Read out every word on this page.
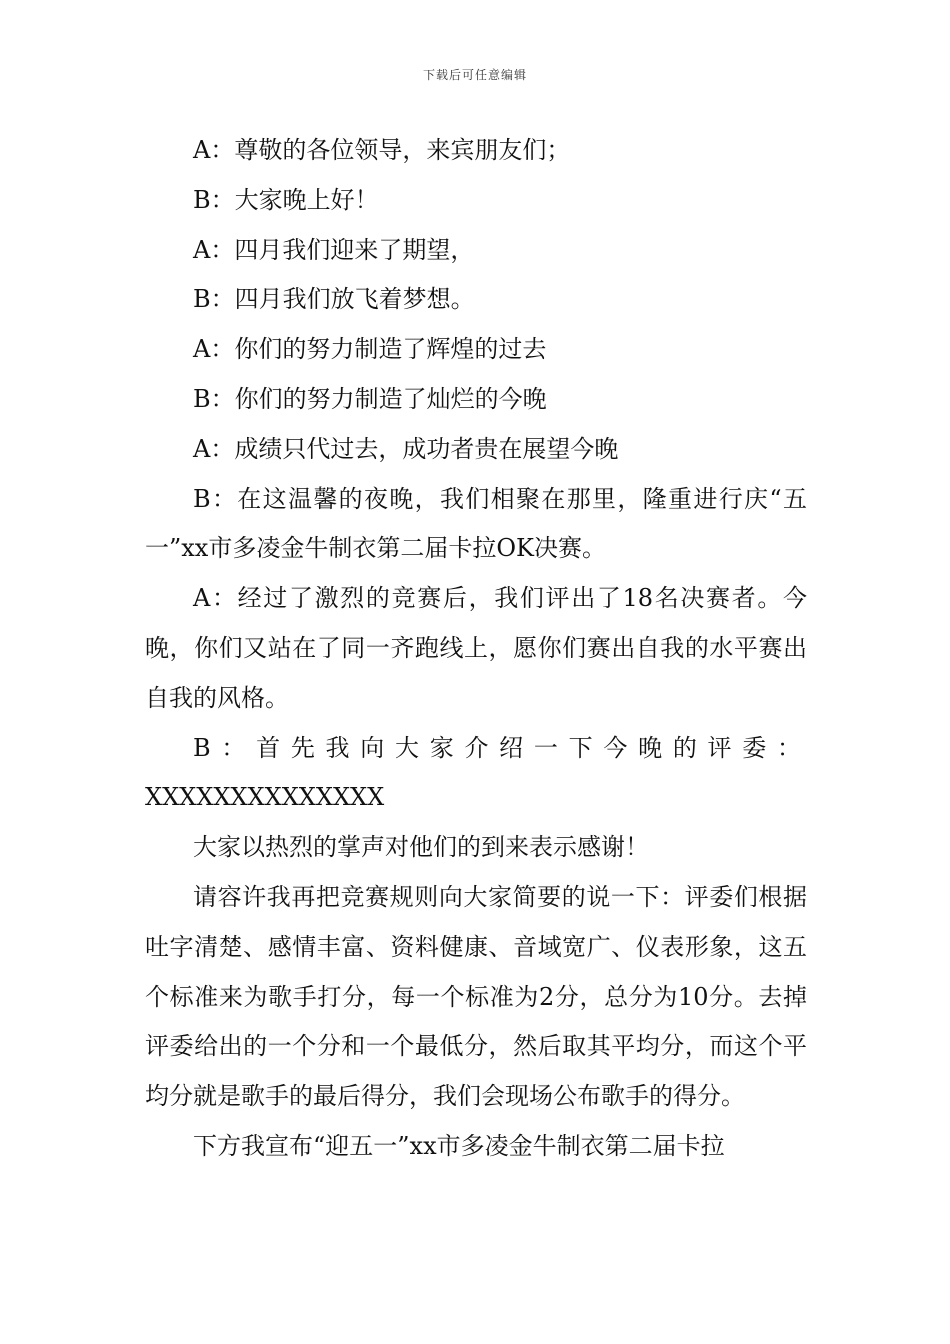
下载后可任意编辑

A：尊敬的各位领导，来宾朋友们；

B：大家晚上好！

A：四月我们迎来了期望，

B：四月我们放飞着梦想。

A：你们的努力制造了辉煌的过去

B：你们的努力制造了灿烂的今晚

A：成绩只代过去，成功者贵在展望今晚

B：在这温馨的夜晚，我们相聚在那里，隆重进行庆“五一”xx市多凌金牛制衣第二届卡拉OK决赛。

A：经过了激烈的竞赛后，我们评出了18名决赛者。今晚，你们又站在了同一齐跑线上，愿你们赛出自我的水平赛出自我的风格。

B：首先我向大家介绍一下今晚的评委：

XXXXXXXXXXXXXX

大家以热烈的掌声对他们的到来表示感谢！

请容许我再把竞赛规则向大家简要的说一下：评委们根据吐字清楚、感情丰富、资料健康、音域宽广、仪表形象，这五个标准来为歌手打分，每一个标准为2分，总分为10分。去掉评委给出的一个分和一个最低分，然后取其平均分，而这个平均分就是歌手的最后得分，我们会现场公布歌手的得分。

下方我宣布“迎五一”xx市多凌金牛制衣第二届卡拉
